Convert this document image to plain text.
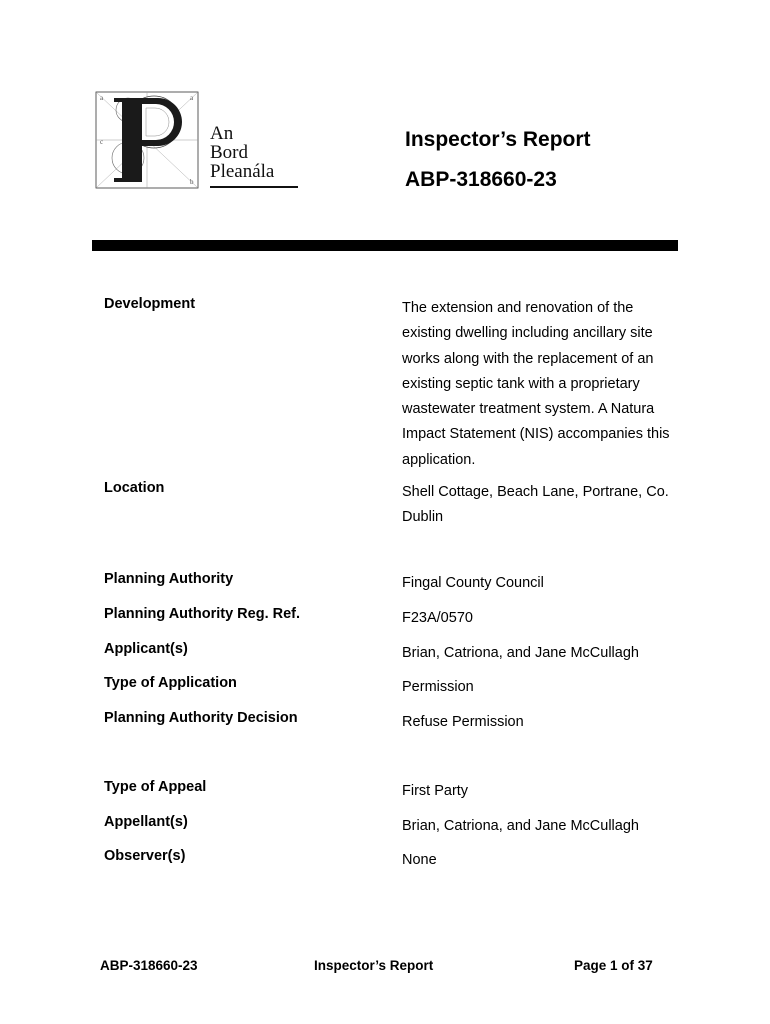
a	a
c
b
An
Bord
Pleanála
Inspector’s Report
ABP-318660-23
Development	The extension and renovation of the existing dwelling including ancillary site works along with the replacement of an existing septic tank with a proprietary wastewater treatment system. A Natura Impact Statement (NIS) accompanies this application.
Location	Shell Cottage, Beach Lane, Portrane, Co. Dublin
Planning Authority	Fingal County Council
Planning Authority Reg. Ref.	F23A/0570
Applicant(s)	Brian, Catriona, and Jane McCullagh
Type of Application	Permission
Planning Authority Decision	Refuse Permission
Type of Appeal	First Party
Appellant(s)	Brian, Catriona, and Jane McCullagh
Observer(s)	None
ABP-318660-23	Inspector’s Report	Page 1 of 37
